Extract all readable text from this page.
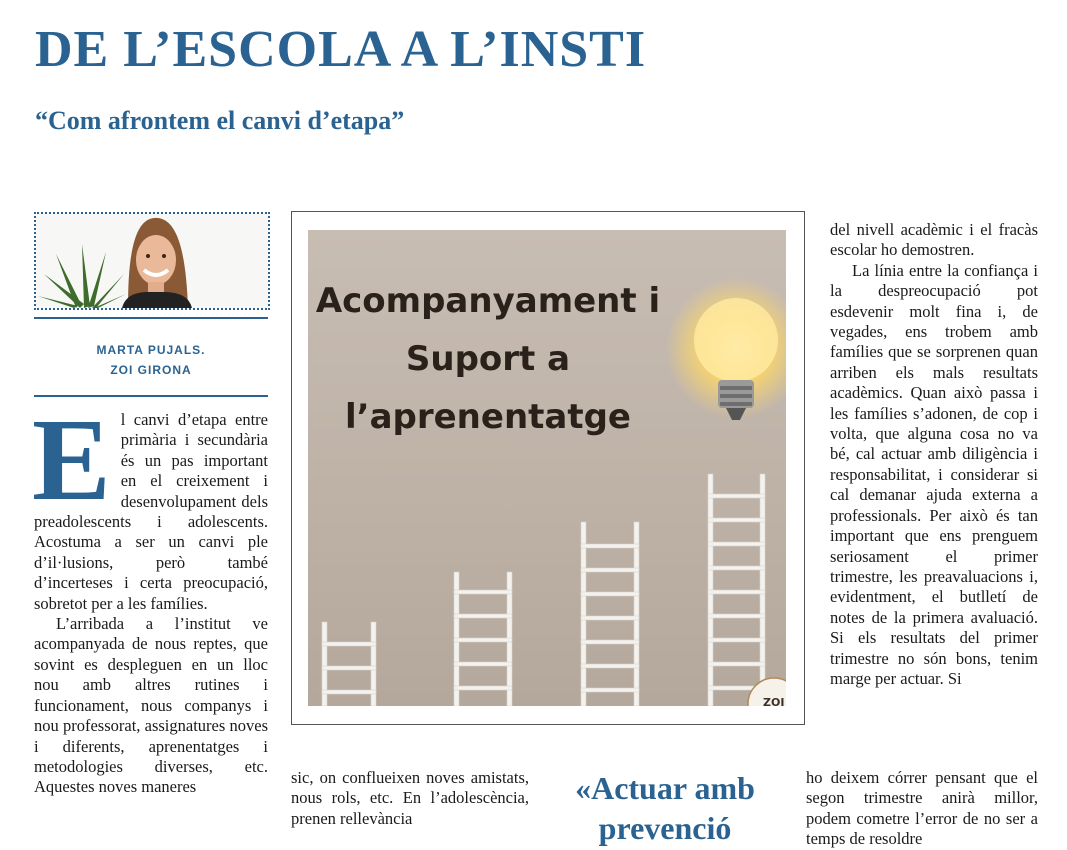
DE L’ESCOLA A L’INSTI
“Com afrontem el canvi d’etapa”
MARTA PUJALS.
ZOI GIRONA

El canvi d’etapa entre primària i secundària és un pas important en el creixement i desenvolupament dels preadolescents i adolescents. Acostuma a ser un canvi ple d’il·lusions, però també d’incerteses i certa preocupació, sobretot per a les famílies.

L’arribada a l’institut ve acompanyada de nous reptes, que sovint es despleguen en un lloc nou amb altres rutines i funcionament, nous companys i nou professorat, assignatures noves i diferents, aprenentatges i metodologies diverses, etc. Aquestes noves maneres

Acompanyament i
Suport a
l’aprenentatge
ZOI
sic, on conflueixen noves amistats, nous rols, etc. En l’adolescència, prenen rellevància
«Actuar amb prevenció

del nivell acadèmic i el fracàs escolar ho demostren.

La línia entre la confiança i la despreocupació pot esdevenir molt fina i, de vegades, ens trobem amb famílies que se sorprenen quan arriben els mals resultats acadèmics. Quan això passa i les famílies s’adonen, de cop i volta, que alguna cosa no va bé, cal actuar amb diligència i responsabilitat, i considerar si cal demanar ajuda externa a professionals. Per això és tan important que ens prenguem seriosament el primer trimestre, les preavaluacions i, evidentment, el butlletí de notes de la primera avaluació. Si els resultats del primer trimestre no són bons, tenim marge per actuar. Si

ho deixem córrer pensant que el segon trimestre anirà millor, podem cometre l’error de no ser a temps de resoldre
